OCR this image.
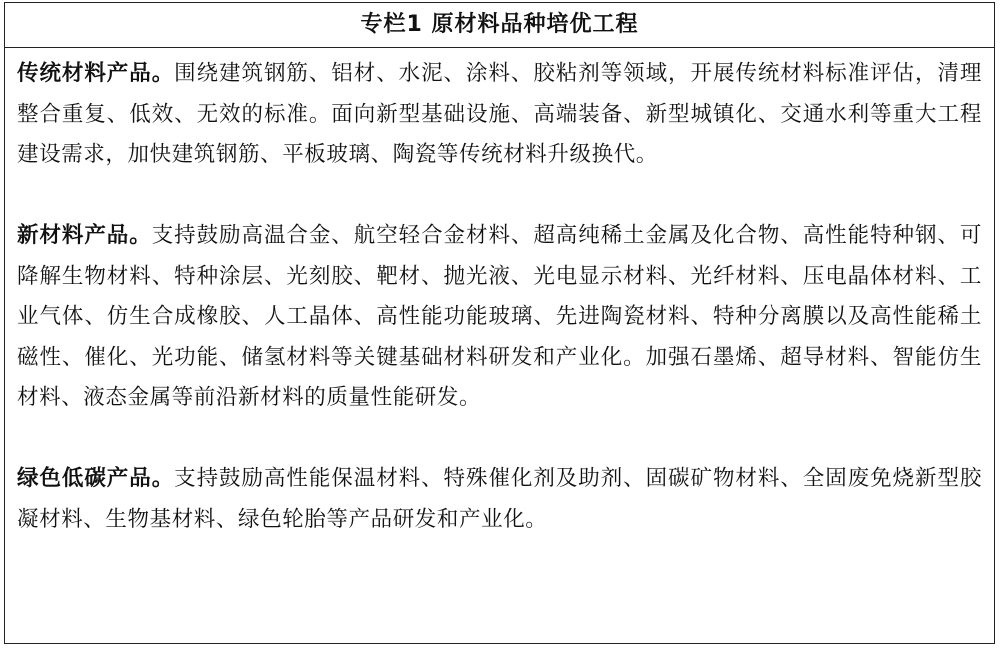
专栏1 原材料品种培优工程
传统材料产品。围绕建筑钢筋、铝材、水泥、涂料、胶粘剂等领域，开展传统材料标准评估，清理整合重复、低效、无效的标准。面向新型基础设施、高端装备、新型城镇化、交通水利等重大工程建设需求，加快建筑钢筋、平板玻璃、陶瓷等传统材料升级换代。
新材料产品。支持鼓励高温合金、航空轻合金材料、超高纯稀土金属及化合物、高性能特种钢、可降解生物材料、特种涂层、光刻胶、靶材、抛光液、光电显示材料、光纤材料、压电晶体材料、工业气体、仿生合成橡胶、人工晶体、高性能功能玻璃、先进陶瓷材料、特种分离膜以及高性能稀土磁性、催化、光功能、储氢材料等关键基础材料研发和产业化。加强石墨烯、超导材料、智能仿生材料、液态金属等前沿新材料的质量性能研发。
绿色低碳产品。支持鼓励高性能保温材料、特殊催化剂及助剂、固碳矿物材料、全固废免烧新型胶凝材料、生物基材料、绿色轮胎等产品研发和产业化。
